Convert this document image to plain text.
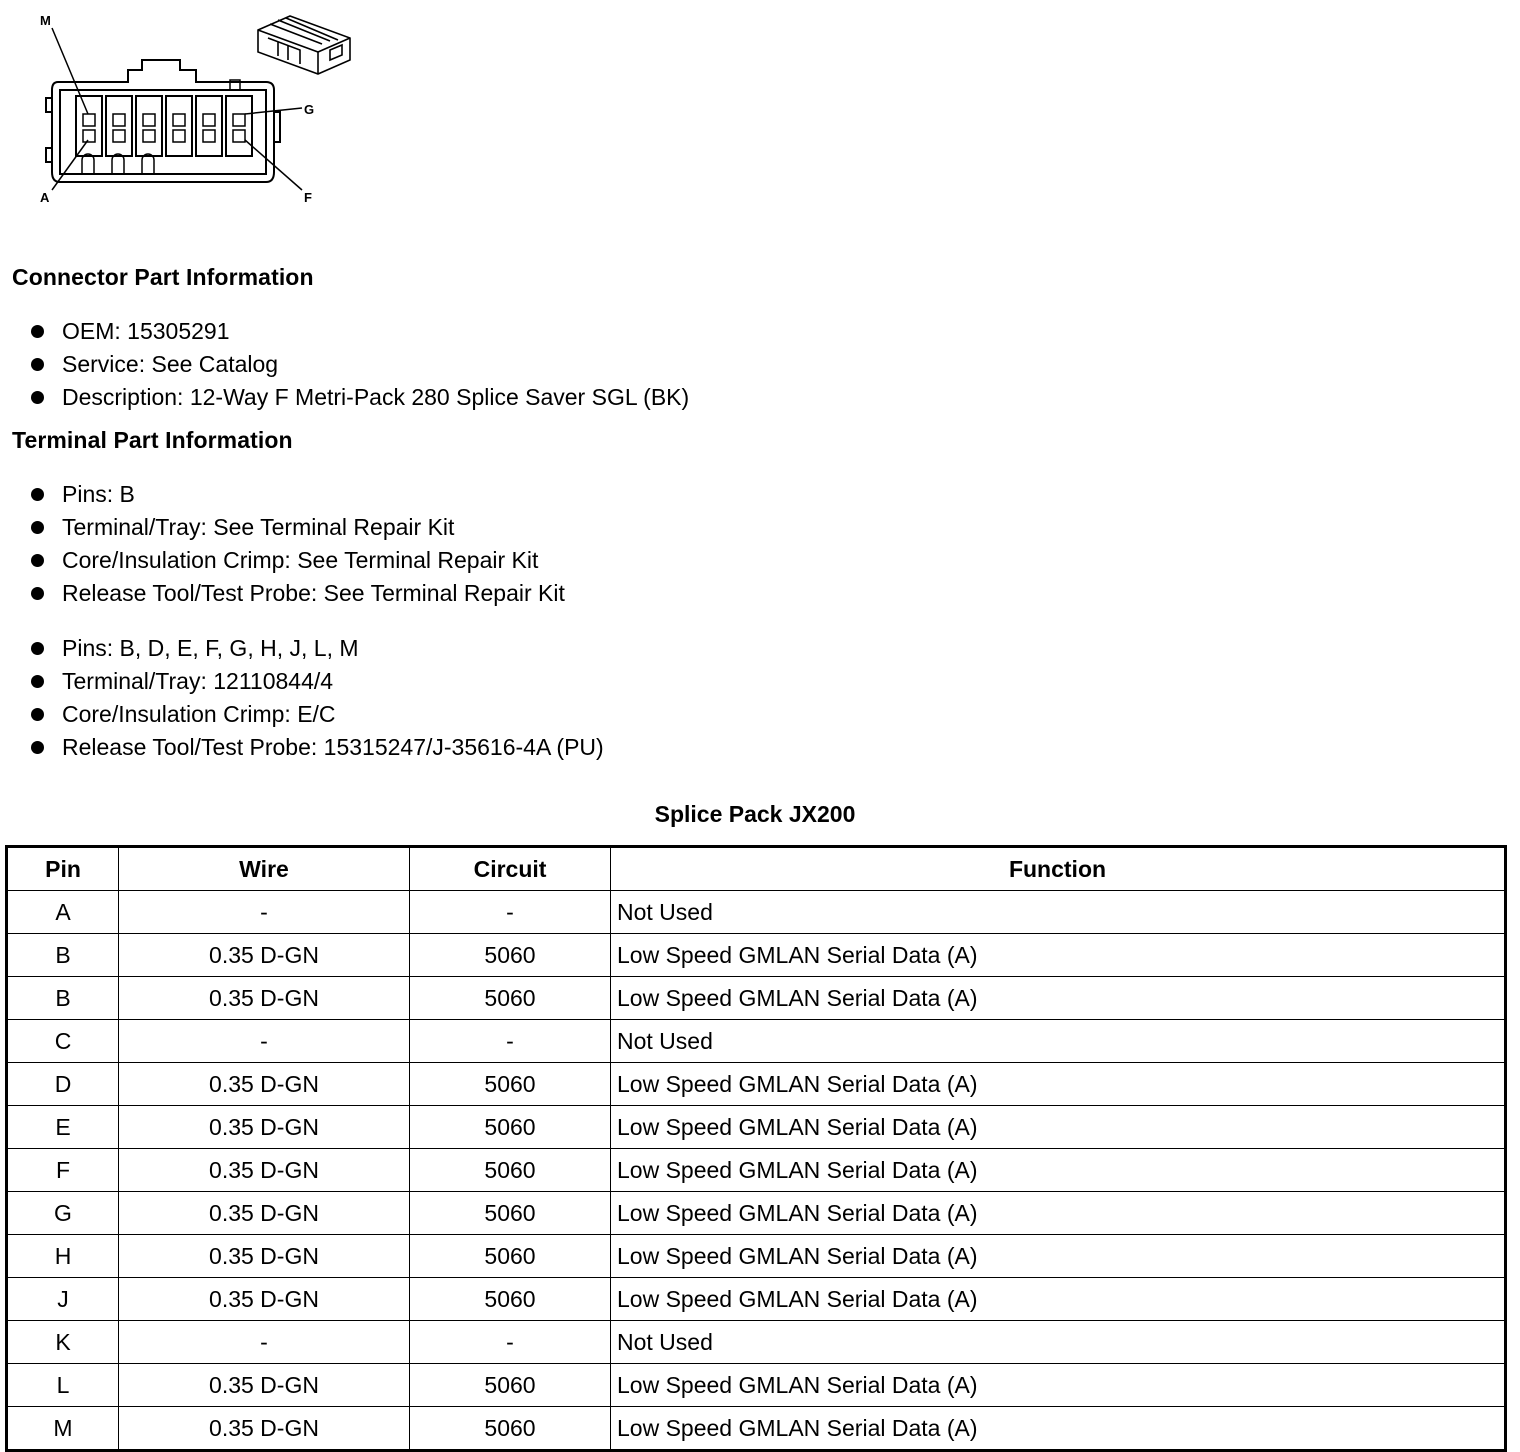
M
G
A	F
Connector Part Information
OEM: 15305291
Service: See Catalog
Description: 12-Way F Metri-Pack 280 Splice Saver SGL (BK)
Terminal Part Information
Pins: B
Terminal/Tray: See Terminal Repair Kit
Core/Insulation Crimp: See Terminal Repair Kit
Release Tool/Test Probe: See Terminal Repair Kit
Pins: B, D, E, F, G, H, J, L, M
Terminal/Tray: 12110844/4
Core/Insulation Crimp: E/C
Release Tool/Test Probe: 15315247/J-35616-4A (PU)
Splice Pack JX200
Pin	Wire	Circuit	Function
A	-	-	Not Used
B	0.35 D-GN	5060	Low Speed GMLAN Serial Data (A)
B	0.35 D-GN	5060	Low Speed GMLAN Serial Data (A)
C	-	-	Not Used
D	0.35 D-GN	5060	Low Speed GMLAN Serial Data (A)
E	0.35 D-GN	5060	Low Speed GMLAN Serial Data (A)
F	0.35 D-GN	5060	Low Speed GMLAN Serial Data (A)
G	0.35 D-GN	5060	Low Speed GMLAN Serial Data (A)
H	0.35 D-GN	5060	Low Speed GMLAN Serial Data (A)
J	0.35 D-GN	5060	Low Speed GMLAN Serial Data (A)
K	-	-	Not Used
L	0.35 D-GN	5060	Low Speed GMLAN Serial Data (A)
M	0.35 D-GN	5060	Low Speed GMLAN Serial Data (A)
